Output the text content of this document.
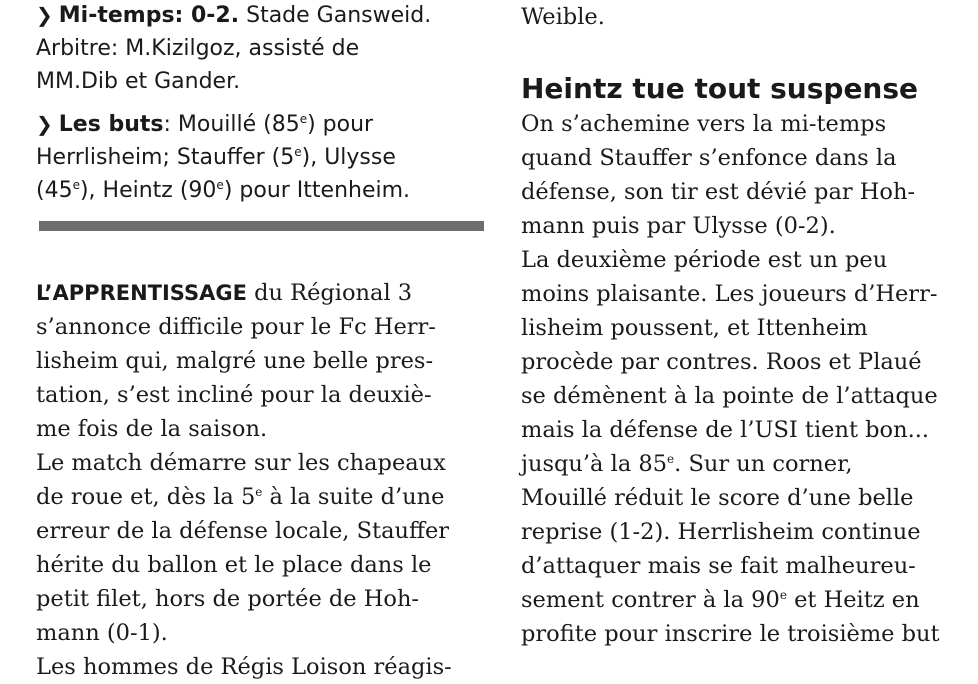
❯ Mi-temps: 0-2. Stade Gansweid.
Arbitre: M.Kizilgoz, assisté de
MM.Dib et Gander.
❯ Les buts: Mouillé (85e) pour
Herrlisheim; Stauffer (5e), Ulysse
(45e), Heintz (90e) pour Ittenheim.

L’APPRENTISSAGE du Régional 3
s’annonce difficile pour le Fc Herr-
lisheim qui, malgré une belle pres-
tation, s’est incliné pour la deuxiè-
me fois de la saison.

Le match démarre sur les chapeaux
de roue et, dès la 5e à la suite d’une
erreur de la défense locale, Stauffer
hérite du ballon et le place dans le
petit filet, hors de portée de Hoh-
mann (0-1).

Les hommes de Régis Loison réagis-

Weible.
Heintz tue tout suspense

On s’achemine vers la mi-temps
quand Stauffer s’enfonce dans la
défense, son tir est dévié par Hoh-
mann puis par Ulysse (0-2).

La deuxième période est un peu
moins plaisante. Les joueurs d’Herr-
lisheim poussent, et Ittenheim
procède par contres. Roos et Plaué
se démènent à la pointe de l’attaque
mais la défense de l’USI tient bon...
jusqu’à la 85e. Sur un corner,
Mouillé réduit le score d’une belle
reprise (1-2). Herrlisheim continue
d’attaquer mais se fait malheureu-
sement contrer à la 90e et Heitz en
profite pour inscrire le troisième but
